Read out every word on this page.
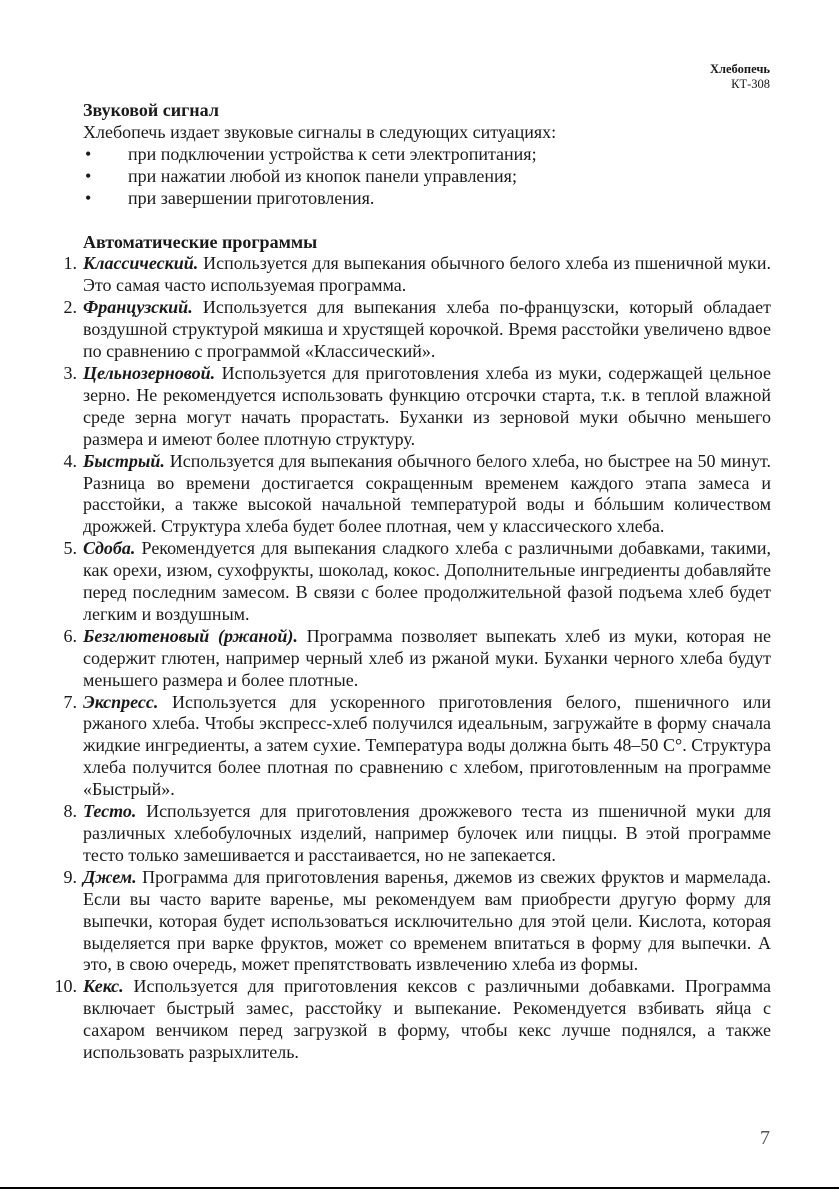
Хлебопечь
КТ-308
Звуковой сигнал
Хлебопечь издает звуковые сигналы в следующих ситуациях:
• при подключении устройства к сети электропитания;
• при нажатии любой из кнопок панели управления;
• при завершении приготовления.
Автоматические программы
1. Классический. Используется для выпекания обычного белого хлеба из пшеничной муки. Это самая часто используемая программа.
2. Французский. Используется для выпекания хлеба по-французски, который обладает воздушной структурой мякиша и хрустящей корочкой. Время расстойки увеличено вдвое по сравнению с программой «Классический».
3. Цельнозерновой. Используется для приготовления хлеба из муки, содержащей цельное зерно. Не рекомендуется использовать функцию отсрочки старта, т.к. в теплой влажной среде зерна могут начать прорастать. Буханки из зерновой муки обычно меньшего размера и имеют более плотную структуру.
4. Быстрый. Используется для выпекания обычного белого хлеба, но быстрее на 50 минут. Разница во времени достигается сокращенным временем каждого этапа замеса и расстойки, а также высокой начальной температурой воды и бóльшим количеством дрожжей. Структура хлеба будет более плотная, чем у классического хлеба.
5. Сдоба. Рекомендуется для выпекания сладкого хлеба с различными добавками, такими, как орехи, изюм, сухофрукты, шоколад, кокос. Дополнительные ингредиенты добавляйте перед последним замесом. В связи с более продолжительной фазой подъема хлеб будет легким и воздушным.
6. Безглютеновый (ржаной). Программа позволяет выпекать хлеб из муки, которая не содержит глютен, например черный хлеб из ржаной муки. Буханки черного хлеба будут меньшего размера и более плотные.
7. Экспресс. Используется для ускоренного приготовления белого, пшеничного или ржаного хлеба. Чтобы экспресс-хлеб получился идеальным, загружайте в форму сначала жидкие ингредиенты, а затем сухие. Температура воды должна быть 48–50 С°. Структура хлеба получится более плотная по сравнению с хлебом, приготовленным на программе «Быстрый».
8. Тесто. Используется для приготовления дрожжевого теста из пшеничной муки для различных хлебобулочных изделий, например булочек или пиццы. В этой программе тесто только замешивается и расстаивается, но не запекается.
9. Джем. Программа для приготовления варенья, джемов из свежих фруктов и мармелада. Если вы часто варите варенье, мы рекомендуем вам приобрести другую форму для выпечки, которая будет использоваться исключительно для этой цели. Кислота, которая выделяется при варке фруктов, может со временем впитаться в форму для выпечки. А это, в свою очередь, может препятствовать извлечению хлеба из формы.
10. Кекс. Используется для приготовления кексов с различными добавками. Программа включает быстрый замес, расстойку и выпекание. Рекомендуется взбивать яйца с сахаром венчиком перед загрузкой в форму, чтобы кекс лучше поднялся, а также использовать разрыхлитель.
7
